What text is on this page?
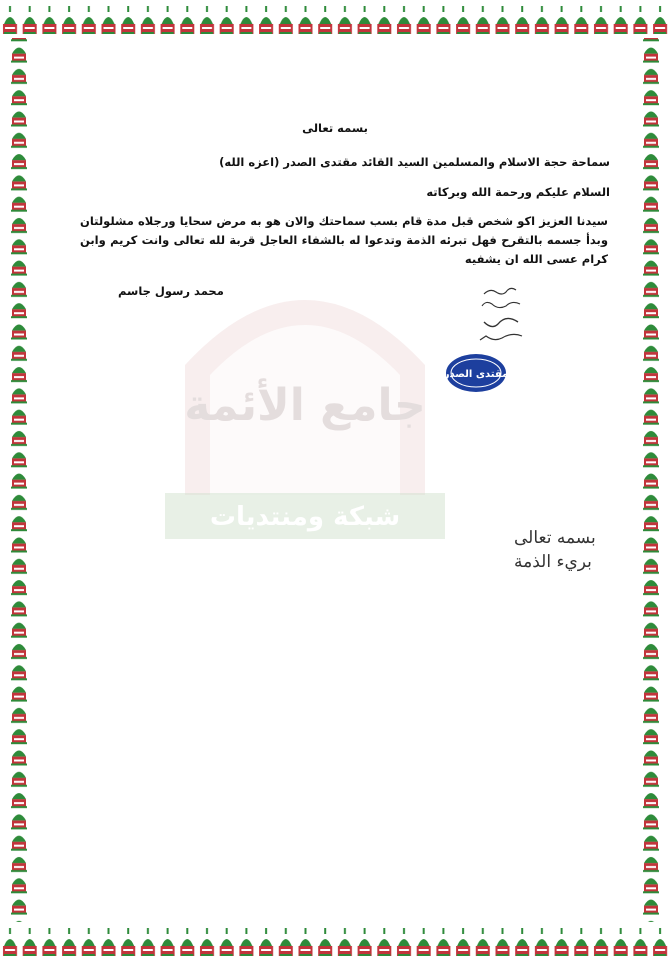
شبكة ومنتديات
جامع الأئمة
بسمه تعالى
سماحة حجة الاسلام والمسلمين السيد القائد مقتدى الصدر (اعزه الله)
السلام عليكم ورحمة الله وبركاته
سيدنا العزيز اكو شخص قبل مدة قام بسب سماحتك والان هو به مرض سحايا ورجلاه مشلولتان وبدأ جسمه بالتقرح فهل تبرئه الذمة وتدعوا له بالشفاء العاجل قربة لله تعالى وانت كريم وابن كرام عسى الله ان يشفيه
محمد رسول جاسم
مقتدى الصدر
بسمه تعالى
بريء الذمة
